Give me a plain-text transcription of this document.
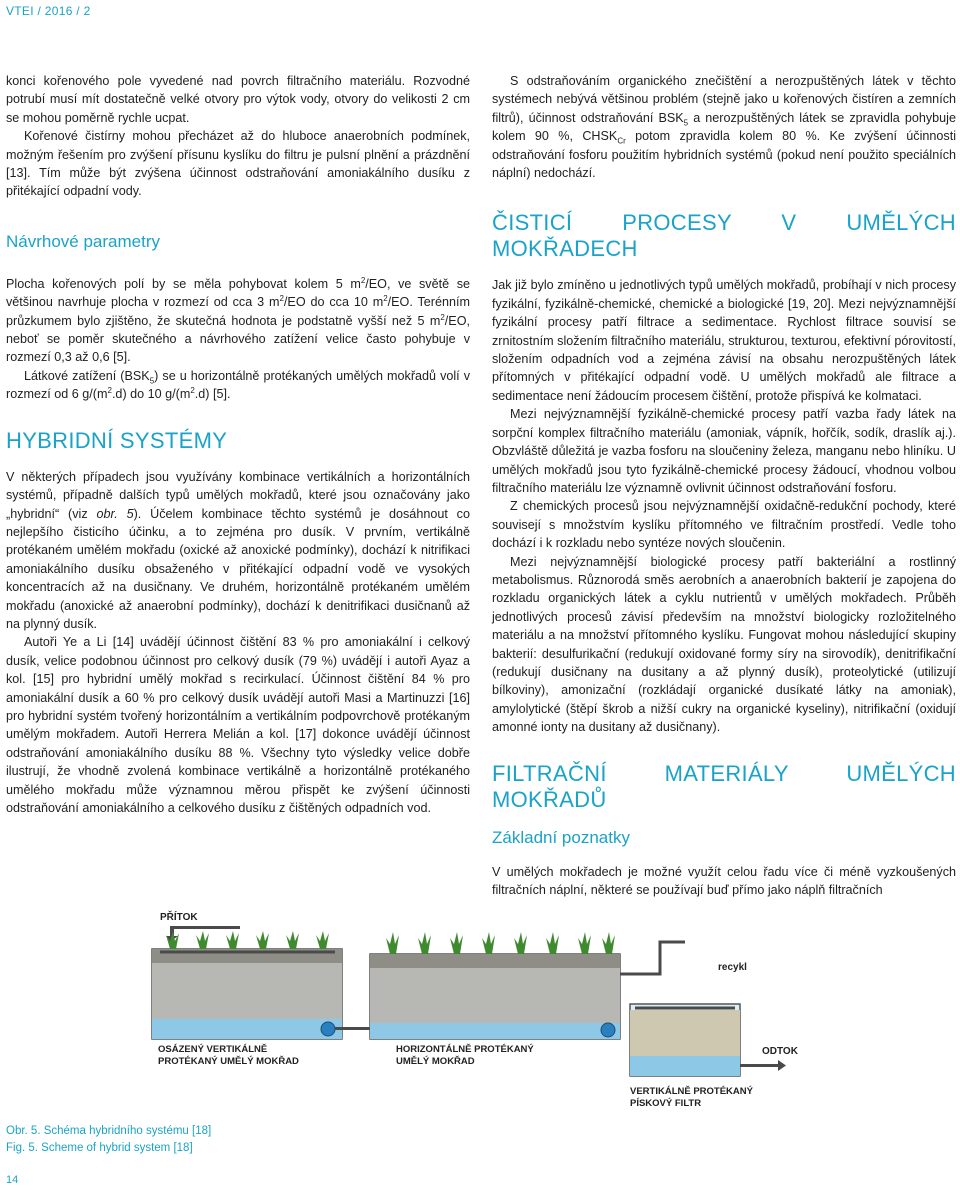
VTEI / 2016 / 2

konci kořenového pole vyvedené nad povrch filtračního materiálu. Rozvodné potrubí musí mít dostatečně velké otvory pro výtok vody, otvory do velikosti 2 cm se mohou poměrně rychle ucpat.

Kořenové čistírny mohou přecházet až do hluboce anaerobních podmínek, možným řešením pro zvýšení přísunu kyslíku do filtru je pulsní plnění a prázdnění [13]. Tím může být zvýšena účinnost odstraňování amoniakálního dusíku z přitékající odpadní vody.

Návrhové parametry

Plocha kořenových polí by se měla pohybovat kolem 5 $m^2/EO$, ve světě se většinou navrhuje plocha v rozmezí od cca 3 $m^2/EO$ do cca 10 $m^2/EO$. Terénním průzkumem bylo zjištěno, že skutečná hodnota je podstatně vyšší než 5 $m^2/EO$, neboť se poměr skutečného a návrhového zatížení velice často pohybuje v rozmezí 0,3 až 0,6 [5].

Látkové zatížení $(BSK_5)$ se u horizontálně protékaných umělých mokřadů volí v rozmezí od 6 $g/(m^2.d)$ do 10 $g/(m^2.d)$ [5].

HYBRIDNÍ SYSTÉMY

V některých případech jsou využívány kombinace vertikálních a horizontálních systémů, případně dalších typů umělých mokřadů, které jsou označovány jako „hybridní“ (viz obr. 5). Účelem kombinace těchto systémů je dosáhnout co nejlepšího čisticího účinku, a to zejména pro dusík. V prvním, vertikálně protékaném umělém mokřadu (oxické až anoxické podmínky), dochází k nitrifikaci amoniakálního dusíku obsaženého v přitékající odpadní vodě ve vysokých koncentracích až na dusičnany. Ve druhém, horizontálně protékaném umělém mokřadu (anoxické až anaerobní podmínky), dochází k denitrifikaci dusičnanů až na plynný dusík.

Autoři Ye a Li [14] uvádějí účinnost čištění 83 % pro amoniakální i celkový dusík, velice podobnou účinnost pro celkový dusík (79 %) uvádějí i autoři Ayaz a kol. [15] pro hybridní umělý mokřad s recirkulací. Účinnost čištění 84 % pro amoniakální dusík a 60 % pro celkový dusík uvádějí autoři Masi a Martinuzzi [16] pro hybridní systém tvořený horizontálním a vertikálním podpovrchově protékaným umělým mokřadem. Autoři Herrera Melián a kol. [17] dokonce uvádějí účinnost odstraňování amoniakálního dusíku 88 %. Všechny tyto výsledky velice dobře ilustrují, že vhodně zvolená kombinace vertikálně a horizontálně protékaného umělého mokřadu může významnou měrou přispět ke zvýšení účinnosti odstraňování amoniakálního a celkového dusíku z čištěných odpadních vod.

S odstraňováním organického znečištění a nerozpuštěných látek v těchto systémech nebývá většinou problém (stejně jako u kořenových čistíren a zemních filtrů), účinnost odstraňování $BSK_5$ a nerozpuštěných látek se zpravidla pohybuje kolem 90 %, $CHSK_{Cr}$ potom zpravidla kolem 80 %. Ke zvýšení účinnosti odstraňování fosforu použitím hybridních systémů (pokud není použito speciálních náplní) nedochází.

ČISTICÍ PROCESY V UMĚLÝCH MOKŘADECH

Jak již bylo zmíněno u jednotlivých typů umělých mokřadů, probíhají v nich procesy fyzikální, fyzikálně-chemické, chemické a biologické [19, 20]. Mezi nejvýznamnější fyzikální procesy patří filtrace a sedimentace. Rychlost filtrace souvisí se zrnitostním složením filtračního materiálu, strukturou, texturou, efektivní pórovitostí, složením odpadních vod a zejména závisí na obsahu nerozpuštěných látek přítomných v přitékající odpadní vodě. U umělých mokřadů ale filtrace a sedimentace není žádoucím procesem čištění, protože přispívá ke kolmataci.

Mezi nejvýznamnější fyzikálně-chemické procesy patří vazba řady látek na sorpční komplex filtračního materiálu (amoniak, vápník, hořčík, sodík, draslík aj.). Obzvláště důležitá je vazba fosforu na sloučeniny železa, manganu nebo hliníku. U umělých mokřadů jsou tyto fyzikálně-chemické procesy žádoucí, vhodnou volbou filtračního materiálu lze významně ovlivnit účinnost odstraňování fosforu.

Z chemických procesů jsou nejvýznamnější oxidačně-redukční pochody, které souvisejí s množstvím kyslíku přítomného ve filtračním prostředí. Vedle toho dochází i k rozkladu nebo syntéze nových sloučenin.

Mezi nejvýznamnější biologické procesy patří bakteriální a rostlinný metabolismus. Různorodá směs aerobních a anaerobních bakterií je zapojena do rozkladu organických látek a cyklu nutrientů v umělých mokřadech. Průběh jednotlivých procesů závisí především na množství biologicky rozložitelného materiálu a na množství přítomného kyslíku. Fungovat mohou následující skupiny bakterií: desulfurikační (redukují oxidované formy síry na sirovodík), denitrifikační (redukují dusičnany na dusitany a až plynný dusík), proteolytické (utilizují bílkoviny), amonizační (rozkládají organické dusíkaté látky na amoniak), amylolytické (štěpí škrob a nižší cukry na organické kyseliny), nitrifikační (oxidují amonné ionty na dusitany až dusičnany).

FILTRAČNÍ MATERIÁLY UMĚLÝCH MOKŘADŮ
Základní poznatky

V umělých mokřadech je možné využít celou řadu více či méně vyzkoušených filtračních náplní, některé se používají buď přímo jako náplň filtračních

PŘÍTOK
recykl
ODTOK
OSÁZENÝ VERTIKÁLNĚ
PROTÉKANÝ UMĚLÝ MOKŘAD
HORIZONTÁLNĚ PROTÉKANÝ
UMĚLÝ MOKŘAD
VERTIKÁLNĚ PROTÉKANÝ
PÍSKOVÝ FILTR
Obr. 5. Schéma hybridního systému [18]
Fig. 5. Scheme of hybrid system [18]
14
